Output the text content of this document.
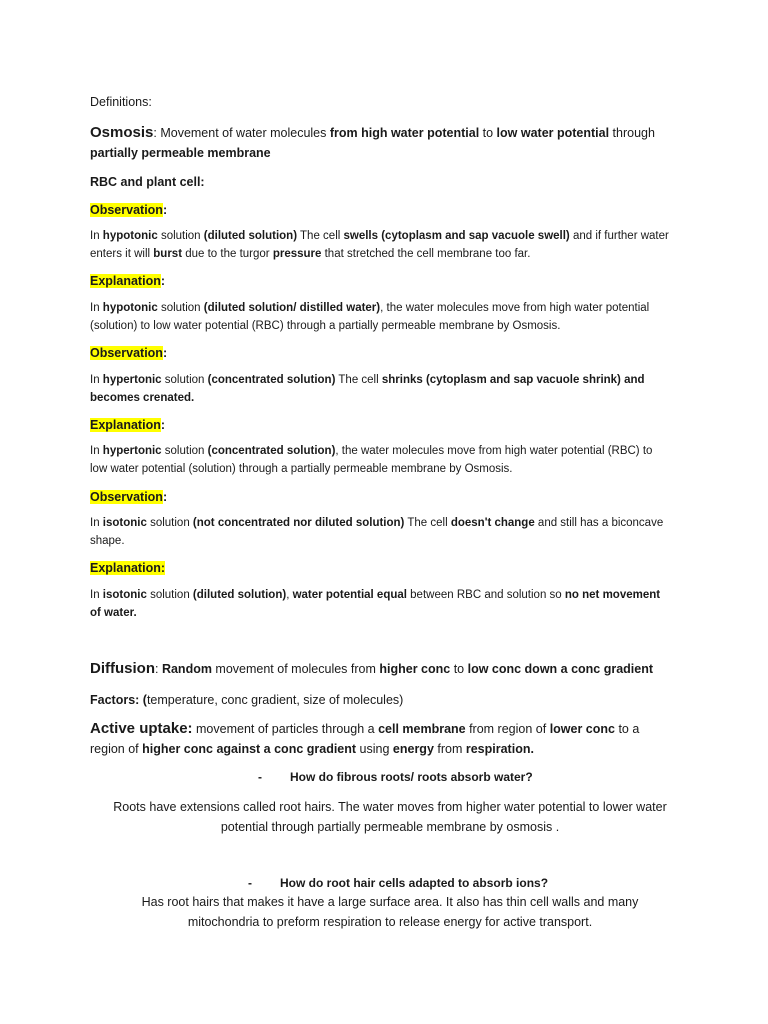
Definitions:

Osmosis: Movement of water molecules from high water potential to low water potential through partially permeable membrane

RBC and plant cell:

Observation:

In hypotonic solution (diluted solution) The cell swells (cytoplasm and sap vacuole swell) and if further water enters it will burst due to the turgor pressure that stretched the cell membrane too far.

Explanation:

In hypotonic solution (diluted solution/ distilled water), the water molecules move from high water potential (solution) to low water potential (RBC) through a partially permeable membrane by Osmosis.

Observation:

In hypertonic solution (concentrated solution) The cell shrinks (cytoplasm and sap vacuole shrink) and becomes crenated.

Explanation:

In hypertonic solution (concentrated solution), the water molecules move from high water potential (RBC) to low water potential (solution) through a partially permeable membrane by Osmosis.

Observation:

In isotonic solution (not concentrated nor diluted solution) The cell doesn't change and still has a biconcave shape.

Explanation:

In isotonic solution (diluted solution), water potential equal between RBC and solution so no net movement of water.

Diffusion: Random movement of molecules from higher conc to low conc down a conc gradient

Factors: (temperature, conc gradient, size of molecules)

Active uptake: movement of particles through a cell membrane from region of lower conc to a region of higher conc against a conc gradient using energy from respiration.

- How do fibrous roots/ roots absorb water?

Roots have extensions called root hairs. The water moves from higher water potential to lower water potential through partially permeable membrane by osmosis .

- How do root hair cells adapted to absorb ions?

Has root hairs that makes it have a large surface area. It also has thin cell walls and many mitochondria to preform respiration to release energy for active transport.
